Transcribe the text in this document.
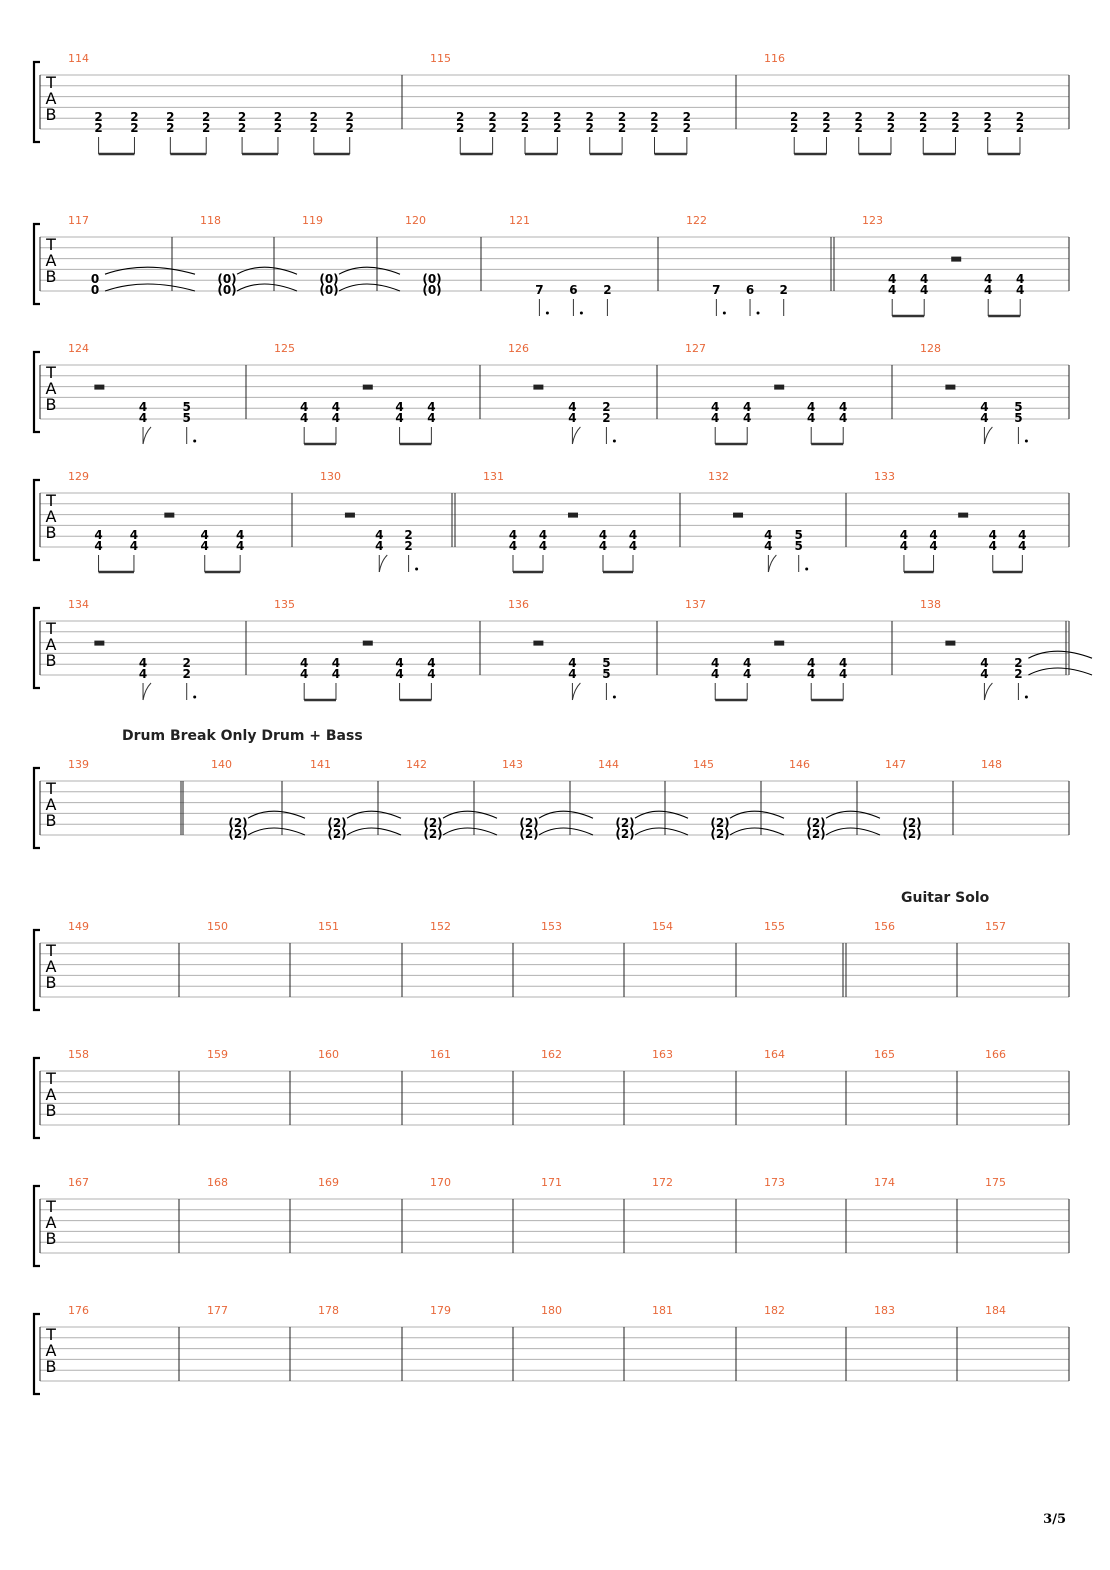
T
A
B
114
2
2
2
2
2
2
2
2
2
2
2
2
2
2
2
2
115
2
2
2
2
2
2
2
2
2
2
2
2
2
2
2
2
116
2
2
2
2
2
2
2
2
2
2
2
2
2
2
2
2
T
A
B
117
0
0
118
(0)
(0)
119
(0)
(0)
120
(0)
(0)
121
7 6 2
122
7 6 2
123
4
4
4
4
4
4
4
4
T
A
B
124
4
4
5
5
125
4
4
4
4
4
4
4
4
126
4
4
2
2
127
4
4
4
4
4
4
4
4
128
4
4
5
5
T
A
B
129
4
4
4
4
4
4
4
4
130
4
4
2
2
131
4
4
4
4
4
4
4
4
132
4
4
5
5
133
4
4
4
4
4
4
4
4
T
A
B
134
4
4
2
2
135
4
4
4
4
4
4
4
4
136
4
4
5
5
137
4
4
4
4
4
4
4
4
138
4
4
2
2
T
A
B
Drum Break Only Drum + Bass
139	140
(2)
(2)
141
(2)
(2)
142
(2)
(2)
143
(2)
(2)
144
(2)
(2)
145
(2)
(2)
146
(2)
(2)
147
(2)
(2)
148
T
A
B
Guitar Solo
149	150	151	152	153	154	155	156	157
T
A
B
158	159	160	161	162	163	164	165	166
T
A
B
167	168	169	170	171	172	173	174	175
T
A
B
176	177	178	179	180	181	182	183	184
3/5
